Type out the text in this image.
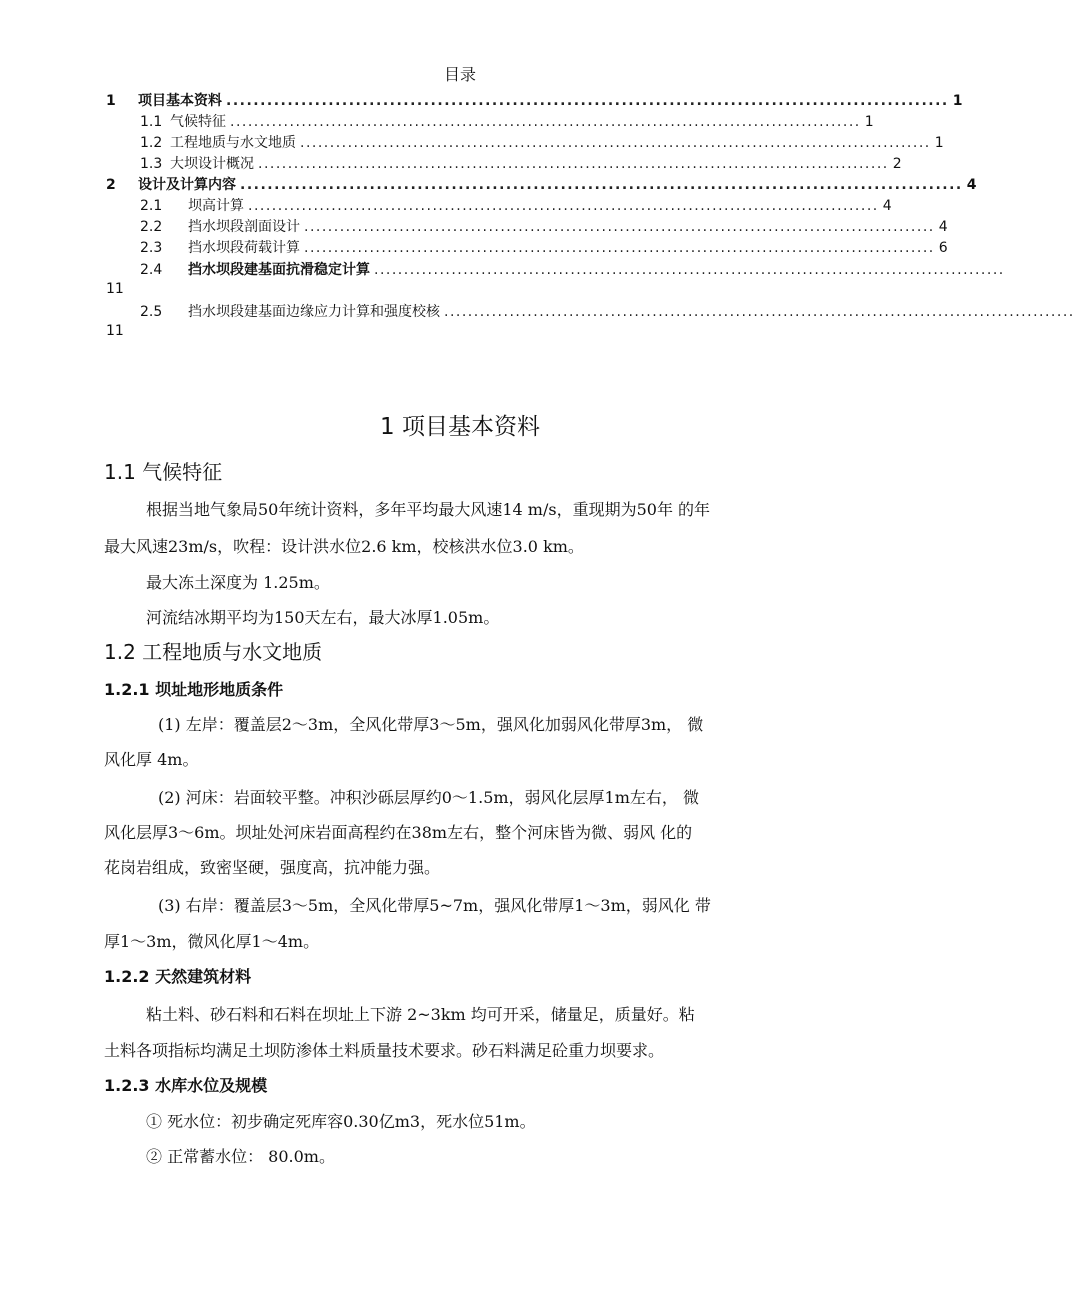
目录
1	项目基本资料 .......................................................................................................... 1
1.1 气候特征 .......................................................................................................... 1
1.2 工程地质与水文地质 .......................................................................................................... 1
1.3 大坝设计概况 .......................................................................................................... 2
2	设计及计算内容 .......................................................................................................... 4
2.1	坝高计算 .......................................................................................................... 4
2.2	挡水坝段剖面设计 .......................................................................................................... 4
2.3	挡水坝段荷载计算 .......................................................................................................... 6
2.4	挡水坝段建基面抗滑稳定计算 ..........................................................................................................
11
2.5	挡水坝段建基面边缘应力计算和强度校核 ..........................................................................................................
11
1 项目基本资料
1.1 气候特征
根据当地气象局50年统计资料，多年平均最大风速14 m/s，重现期为50年 的年
最大风速23m/s，吹程：设计洪水位2.6 km，校核洪水位3.0 km。
最大冻土深度为 1.25m。
河流结冰期平均为150天左右，最大冰厚1.05m。
1.2 工程地质与水文地质
1.2.1 坝址地形地质条件
(1) 左岸：覆盖层2〜3m，全风化带厚3〜5m，强风化加弱风化带厚3m， 微
风化厚 4m。
(2) 河床：岩面较平整。冲积沙砾层厚约0〜1.5m，弱风化层厚1m左右， 微
风化层厚3〜6m。坝址处河床岩面高程约在38m左右，整个河床皆为微、弱风 化的
花岗岩组成，致密坚硬，强度高，抗冲能力强。
(3) 右岸：覆盖层3〜5m，全风化带厚5~7m，强风化带厚1〜3m，弱风化 带
厚1〜3m，微风化厚1〜4m。
1.2.2 天然建筑材料
粘土料、砂石料和石料在坝址上下游 2~3km 均可开采，储量足，质量好。粘
土料各项指标均满足土坝防渗体土料质量技术要求。砂石料满足砼重力坝要求。
1.2.3 水库水位及规模
① 死水位：初步确定死库容0.30亿m3，死水位51m。
② 正常蓄水位： 80.0m。
